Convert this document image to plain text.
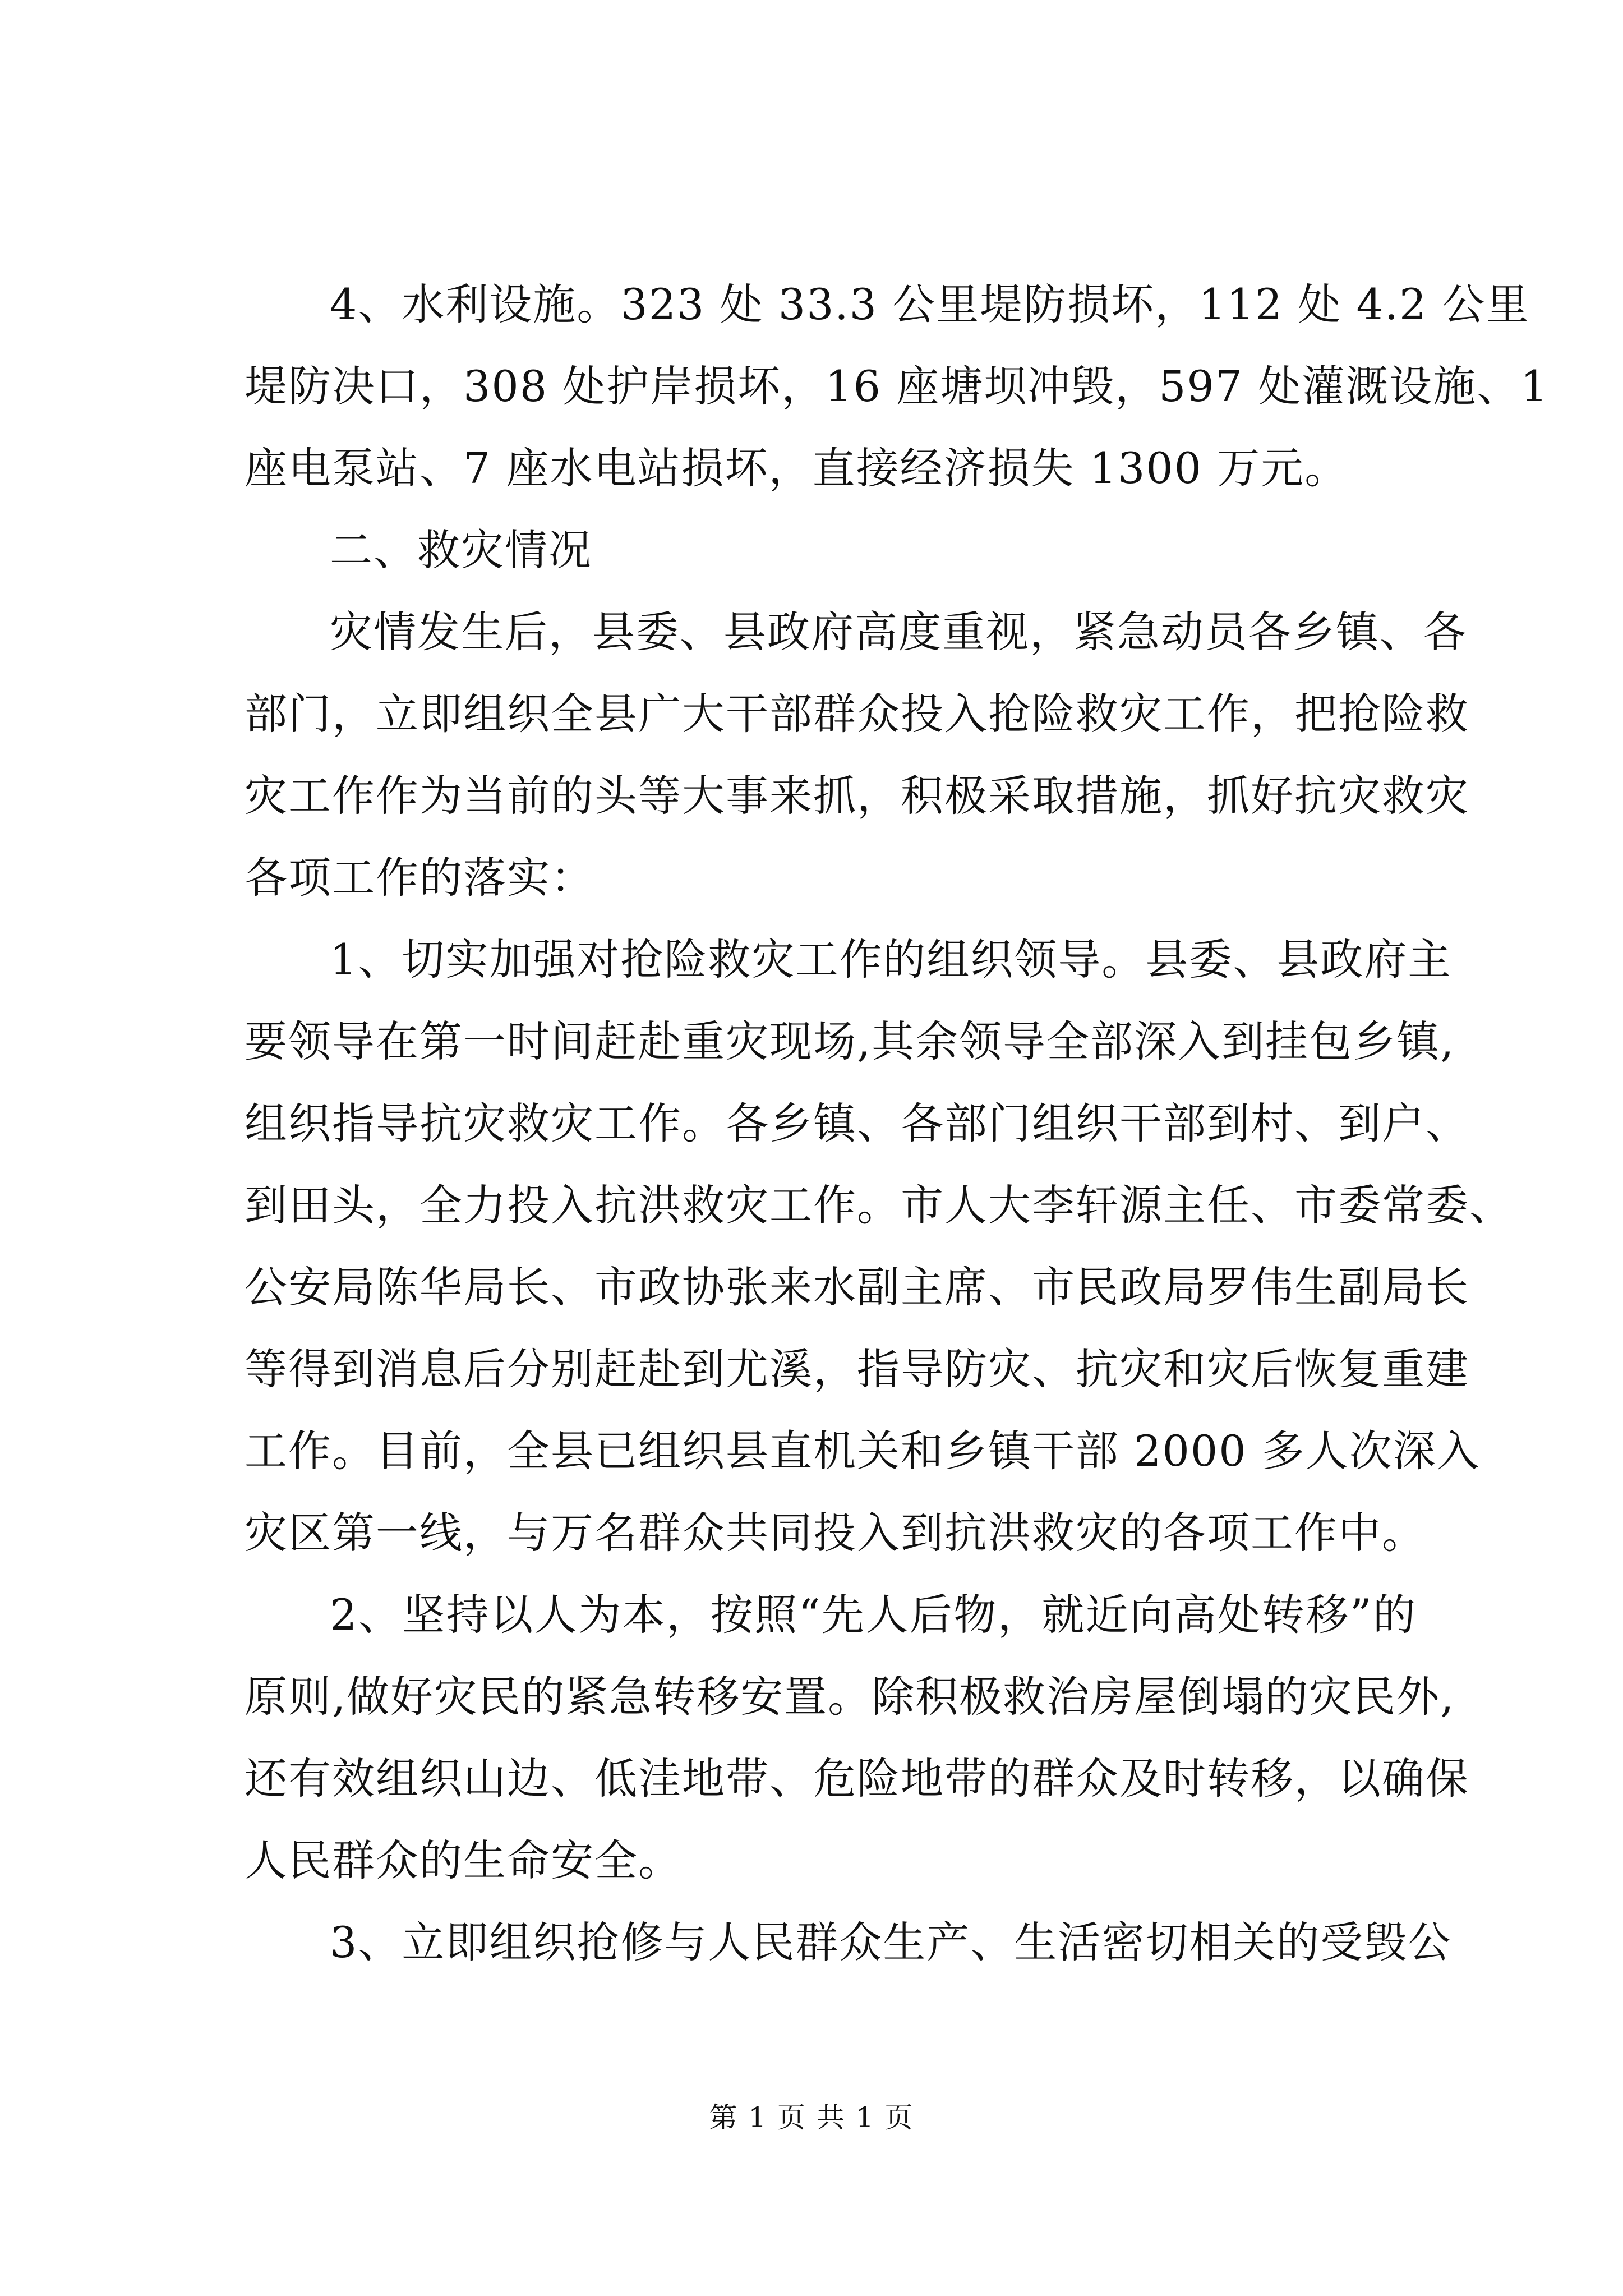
4、水利设施。323 处 33.3 公里堤防损坏，112 处 4.2 公里
堤防决口，308 处护岸损坏，16 座塘坝冲毁，597 处灌溉设施、1
座电泵站、7 座水电站损坏，直接经济损失 1300 万元。
二、救灾情况
灾情发生后，县委、县政府高度重视，紧急动员各乡镇、各
部门，立即组织全县广大干部群众投入抢险救灾工作，把抢险救
灾工作作为当前的头等大事来抓，积极采取措施，抓好抗灾救灾
各项工作的落实：
1、切实加强对抢险救灾工作的组织领导。县委、县政府主
要领导在第一时间赶赴重灾现场,其余领导全部深入到挂包乡镇,
组织指导抗灾救灾工作。各乡镇、各部门组织干部到村、到户、
到田头，全力投入抗洪救灾工作。市人大李轩源主任、市委常委、
公安局陈华局长、市政协张来水副主席、市民政局罗伟生副局长
等得到消息后分别赶赴到尤溪，指导防灾、抗灾和灾后恢复重建
工作。目前，全县已组织县直机关和乡镇干部 2000 多人次深入
灾区第一线，与万名群众共同投入到抗洪救灾的各项工作中。
2、坚持以人为本，按照“先人后物，就近向高处转移”的
原则,做好灾民的紧急转移安置。除积极救治房屋倒塌的灾民外,
还有效组织山边、低洼地带、危险地带的群众及时转移，以确保
人民群众的生命安全。
3、立即组织抢修与人民群众生产、生活密切相关的受毁公
第 1 页 共 1 页
